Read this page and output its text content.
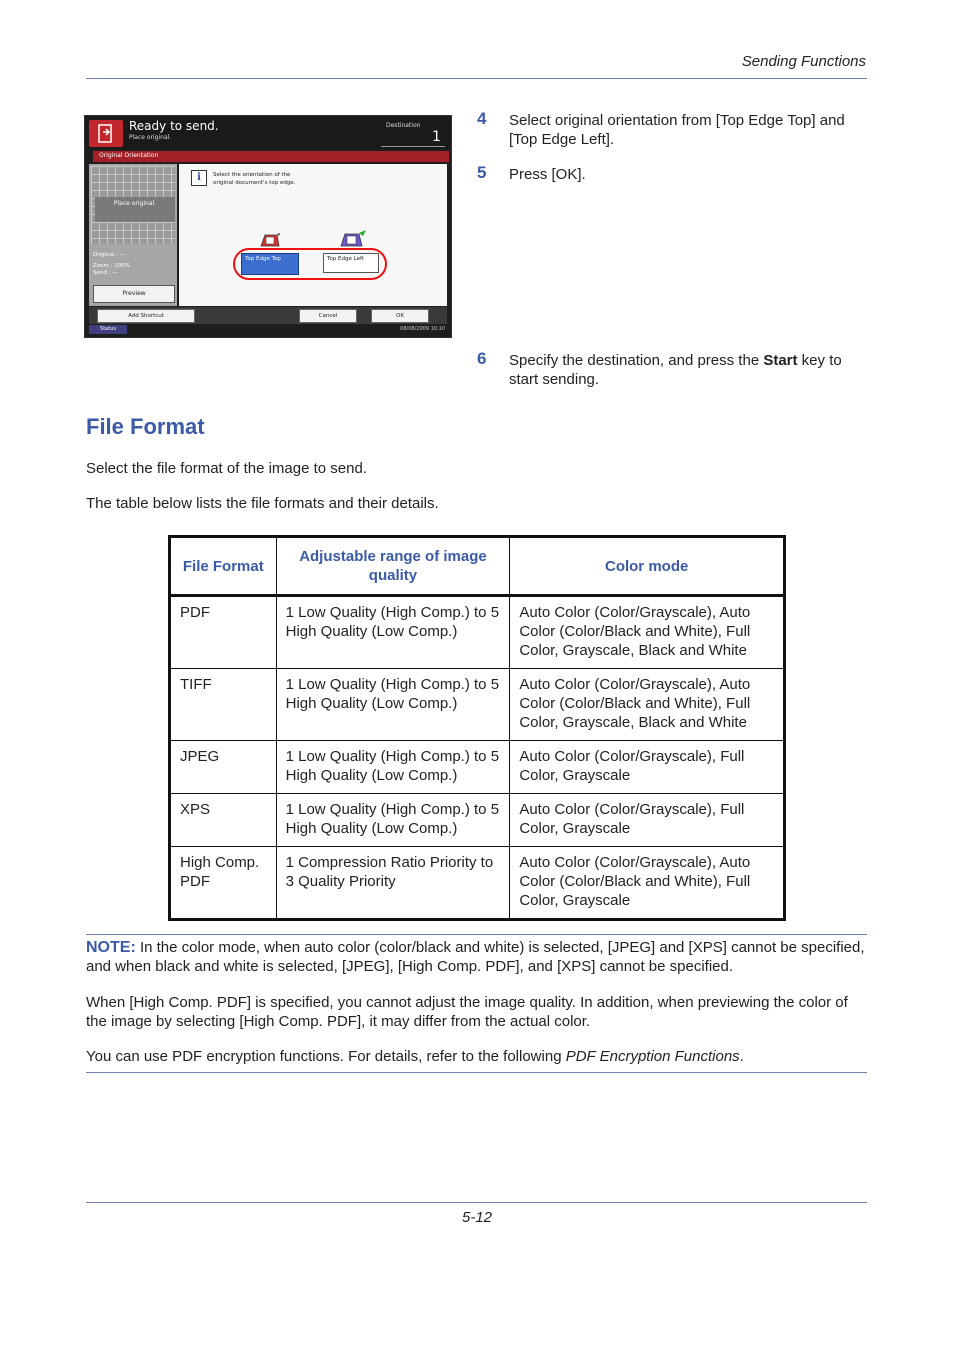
Sending Functions
Ready to send.
Place original.
Destination
1
Original Orientation
Place original.
Original : ---
Zoom : 100%
Send : ---
Preview
i	Select the orientation of the
original document's top edge.
Top Edge Top	Top Edge Left
Add Shortcut	Cancel	OK
Status	08/08/2009 10:10
4 Select original orientation from [Top Edge Top] and [Top Edge Left].
5 Press [OK].
6 Specify the destination, and press the Start key to start sending.
File Format
Select the file format of the image to send.
The table below lists the file formats and their details.
File Format	Adjustable range of image quality	Color mode
PDF	1 Low Quality (High Comp.) to 5 High Quality (Low Comp.)	Auto Color (Color/Grayscale), Auto Color (Color/Black and White), Full Color, Grayscale, Black and White
TIFF	1 Low Quality (High Comp.) to 5 High Quality (Low Comp.)	Auto Color (Color/Grayscale), Auto Color (Color/Black and White), Full Color, Grayscale, Black and White
JPEG	1 Low Quality (High Comp.) to 5 High Quality (Low Comp.)	Auto Color (Color/Grayscale), Full Color, Grayscale
XPS	1 Low Quality (High Comp.) to 5 High Quality (Low Comp.)	Auto Color (Color/Grayscale), Full Color, Grayscale
High Comp. PDF	1 Compression Ratio Priority to 3 Quality Priority	Auto Color (Color/Grayscale), Auto Color (Color/Black and White), Full Color, Grayscale
NOTE: In the color mode, when auto color (color/black and white) is selected, [JPEG] and [XPS] cannot be specified, and when black and white is selected, [JPEG], [High Comp. PDF], and [XPS] cannot be specified.
When [High Comp. PDF] is specified, you cannot adjust the image quality. In addition, when previewing the color of the image by selecting [High Comp. PDF], it may differ from the actual color.
You can use PDF encryption functions. For details, refer to the following PDF Encryption Functions.
5-12
